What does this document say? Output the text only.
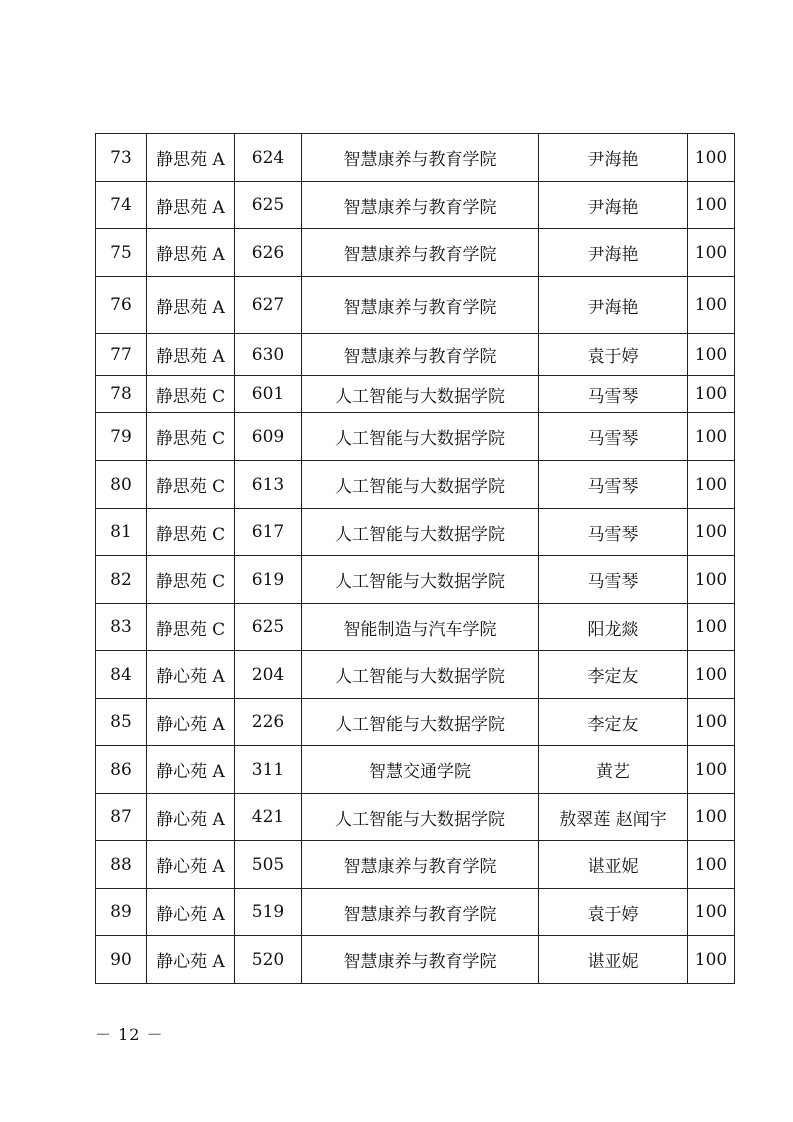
73	静思苑 A	624	智慧康养与教育学院	尹海艳	100
74	静思苑 A	625	智慧康养与教育学院	尹海艳	100
75	静思苑 A	626	智慧康养与教育学院	尹海艳	100
76	静思苑 A	627	智慧康养与教育学院	尹海艳	100
77	静思苑 A	630	智慧康养与教育学院	袁于婷	100
78	静思苑 C	601	人工智能与大数据学院	马雪琴	100
79	静思苑 C	609	人工智能与大数据学院	马雪琴	100
80	静思苑 C	613	人工智能与大数据学院	马雪琴	100
81	静思苑 C	617	人工智能与大数据学院	马雪琴	100
82	静思苑 C	619	人工智能与大数据学院	马雪琴	100
83	静思苑 C	625	智能制造与汽车学院	阳龙燚	100
84	静心苑 A	204	人工智能与大数据学院	李定友	100
85	静心苑 A	226	人工智能与大数据学院	李定友	100
86	静心苑 A	311	智慧交通学院	黄艺	100
87	静心苑 A	421	人工智能与大数据学院	敖翠莲 赵闻宇	100
88	静心苑 A	505	智慧康养与教育学院	谌亚妮	100
89	静心苑 A	519	智慧康养与教育学院	袁于婷	100
90	静心苑 A	520	智慧康养与教育学院	谌亚妮	100
－ 12 －
